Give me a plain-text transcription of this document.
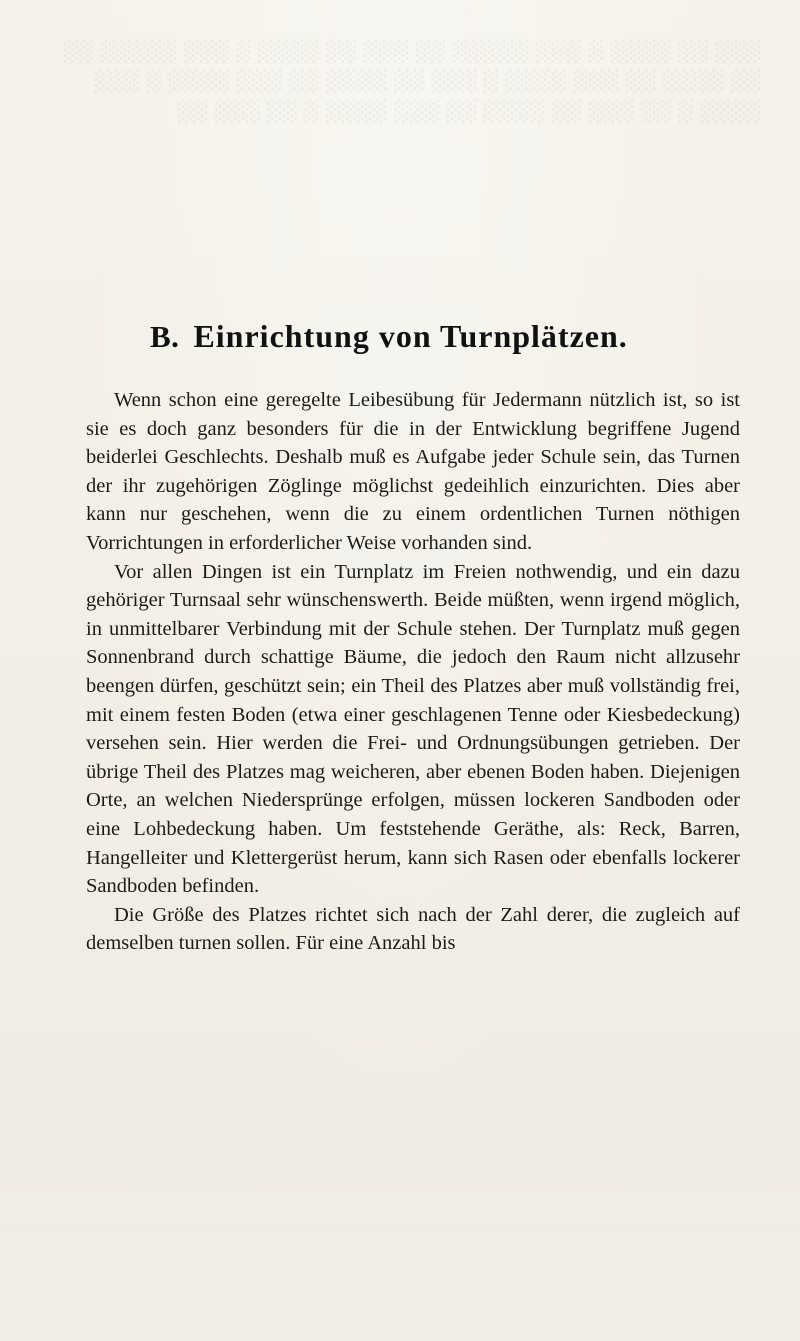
░░░ ░░ ░░░░ ░ ░░░ ░░░░░ ░░ ░░░ ░░ ░░░░ ░ ░░░ ░░░░░ ░░
░░ ░░░░ ░░ ░░░ ░░░░ ░ ░░░ ░░ ░░░░ ░░ ░░░ ░░░░ ░ ░░░
░░░░ ░ ░░ ░░░ ░░ ░░░░ ░░ ░░░ ░░░░ ░ ░░ ░░░ ░░
B. Einrichtung von Turnplätzen.

Wenn schon eine geregelte Leibesübung für Jedermann nützlich ist, so ist sie es doch ganz besonders für die in der Entwicklung begriffene Jugend beiderlei Geschlechts. Deshalb muß es Aufgabe jeder Schule sein, das Turnen der ihr zugehörigen Zöglinge möglichst gedeihlich einzurichten. Dies aber kann nur geschehen, wenn die zu einem ordentlichen Turnen nöthigen Vorrichtungen in erforderlicher Weise vorhanden sind.

Vor allen Dingen ist ein Turnplatz im Freien nothwendig, und ein dazu gehöriger Turnsaal sehr wünschenswerth. Beide müßten, wenn irgend möglich, in unmittelbarer Verbindung mit der Schule stehen. Der Turnplatz muß gegen Sonnenbrand durch schattige Bäume, die jedoch den Raum nicht allzusehr beengen dürfen, geschützt sein; ein Theil des Platzes aber muß vollständig frei, mit einem festen Boden (etwa einer geschlagenen Tenne oder Kiesbedeckung) versehen sein. Hier werden die Frei- und Ordnungsübungen getrieben. Der übrige Theil des Platzes mag weicheren, aber ebenen Boden haben. Diejenigen Orte, an welchen Niedersprünge erfolgen, müssen lockeren Sandboden oder eine Lohbedeckung haben. Um feststehende Geräthe, als: Reck, Barren, Hangelleiter und Klettergerüst herum, kann sich Rasen oder ebenfalls lockerer Sandboden befinden.

Die Größe des Platzes richtet sich nach der Zahl derer, die zugleich auf demselben turnen sollen. Für eine Anzahl bis
